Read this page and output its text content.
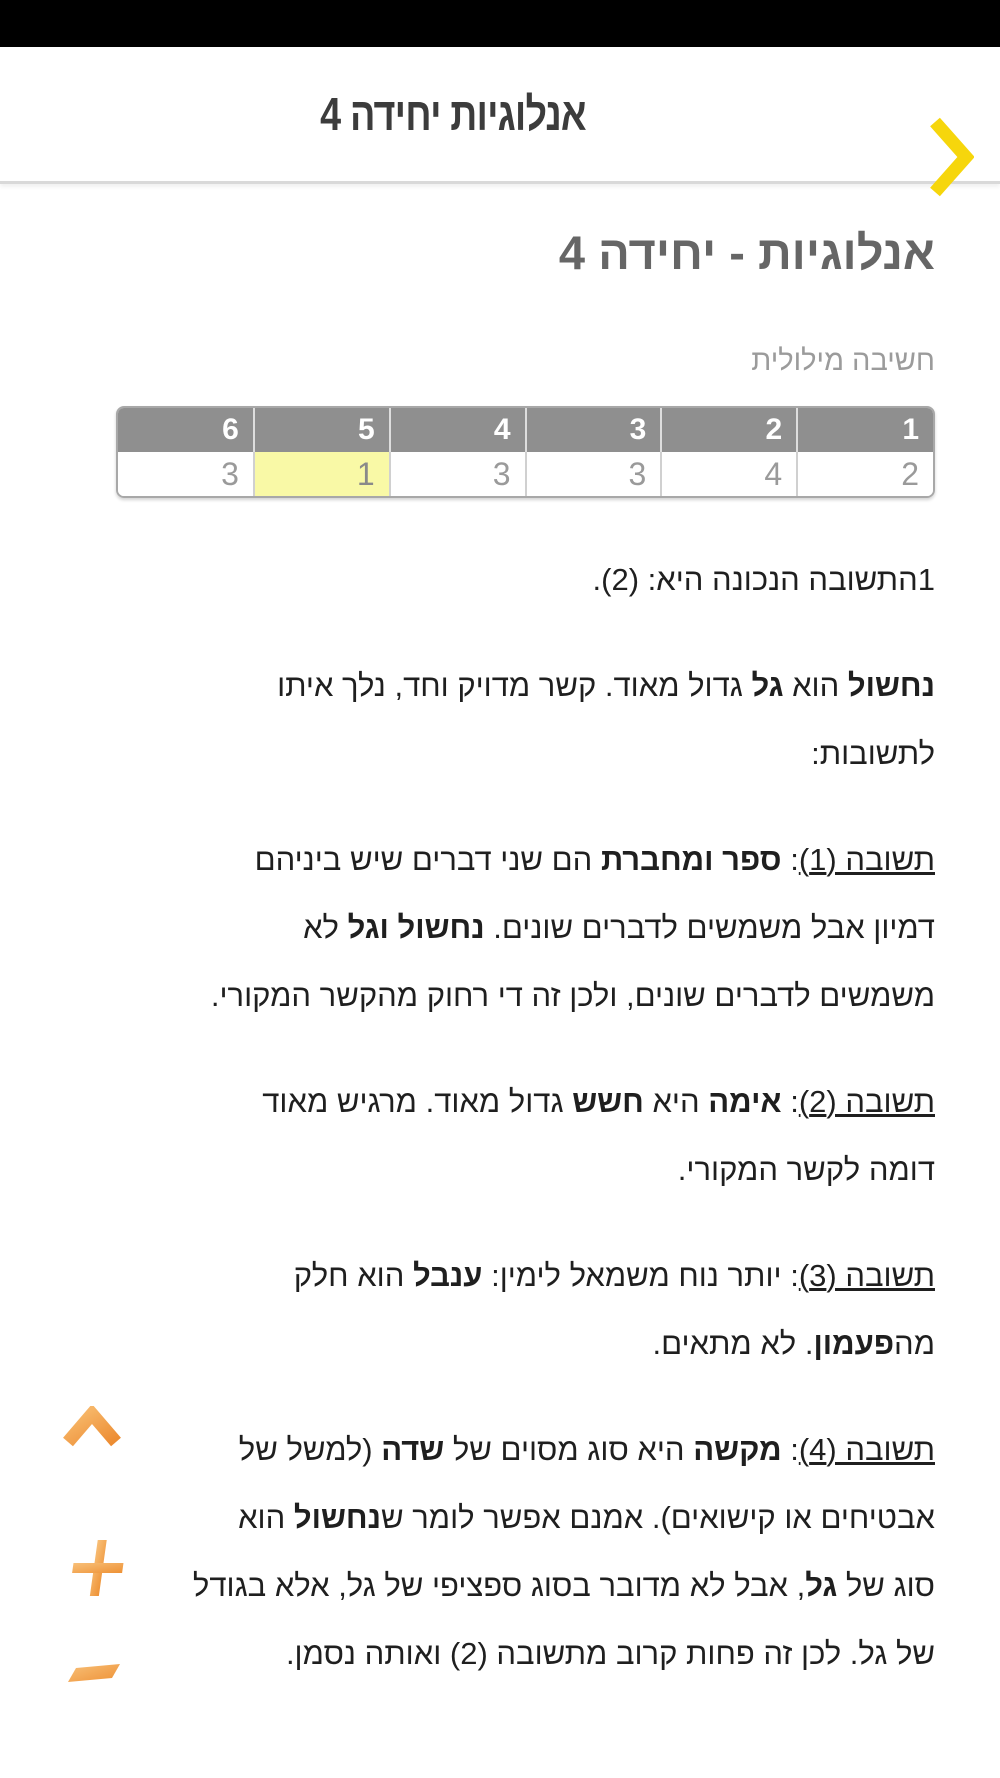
אנלוגיות יחידה 4
אנלוגיות - יחידה 4
חשיבה מילולית
1	2	3	4	5	6
2	4	3	3	1	3

1התשובה הנכונה היא: (2).

נחשול הוא גל גדול מאוד. קשר מדויק וחד, נלך איתו
לתשובות:

תשובה (1): ספר ומחברת הם שני דברים שיש ביניהם
דמיון אבל משמשים לדברים שונים. נחשול וגל לא
משמשים לדברים שונים, ולכן זה די רחוק מהקשר המקורי.

תשובה (2): אימה היא חשש גדול מאוד. מרגיש מאוד
דומה לקשר המקורי.

תשובה (3): יותר נוח משמאל לימין: ענבל הוא חלק
מהפעמון. לא מתאים.

תשובה (4): מקשה היא סוג מסוים של שדה (למשל של
אבטיחים או קישואים). אמנם אפשר לומר שנחשול הוא
סוג של גל, אבל לא מדובר בסוג ספציפי של גל, אלא בגודל
של גל. לכן זה פחות קרוב מתשובה (2) ואותה נסמן.
